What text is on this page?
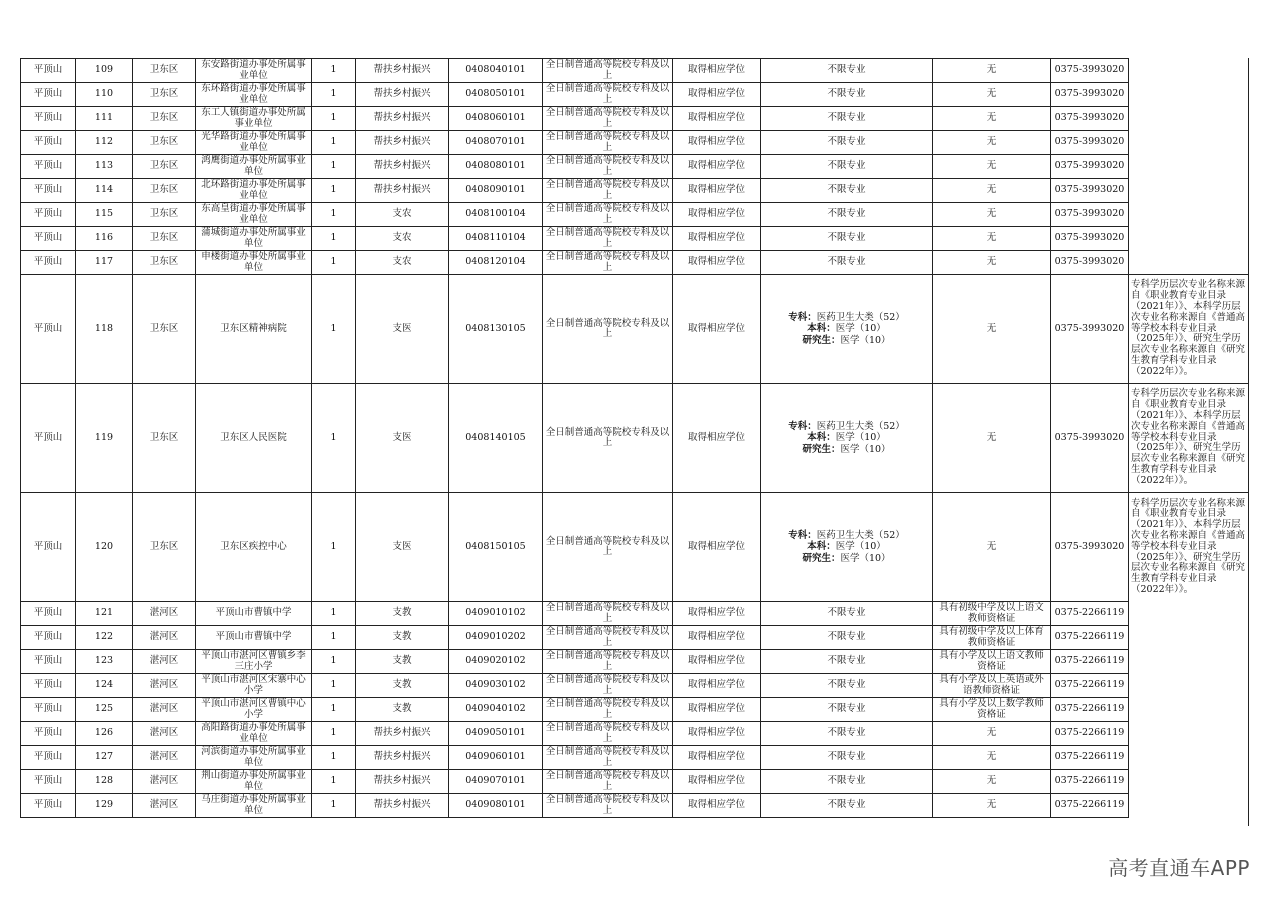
平顶山	109	卫东区	东安路街道办事处所属事业单位	1	帮扶乡村振兴	0408040101	全日制普通高等院校专科及以上	取得相应学位	不限专业	无	0375-3993020	
平顶山	110	卫东区	东环路街道办事处所属事业单位	1	帮扶乡村振兴	0408050101	全日制普通高等院校专科及以上	取得相应学位	不限专业	无	0375-3993020	
平顶山	111	卫东区	东工人镇街道办事处所属事业单位	1	帮扶乡村振兴	0408060101	全日制普通高等院校专科及以上	取得相应学位	不限专业	无	0375-3993020	
平顶山	112	卫东区	光华路街道办事处所属事业单位	1	帮扶乡村振兴	0408070101	全日制普通高等院校专科及以上	取得相应学位	不限专业	无	0375-3993020	
平顶山	113	卫东区	鸿鹰街道办事处所属事业单位	1	帮扶乡村振兴	0408080101	全日制普通高等院校专科及以上	取得相应学位	不限专业	无	0375-3993020	
平顶山	114	卫东区	北环路街道办事处所属事业单位	1	帮扶乡村振兴	0408090101	全日制普通高等院校专科及以上	取得相应学位	不限专业	无	0375-3993020	
平顶山	115	卫东区	东高皇街道办事处所属事业单位	1	支农	0408100104	全日制普通高等院校专科及以上	取得相应学位	不限专业	无	0375-3993020	
平顶山	116	卫东区	蒲城街道办事处所属事业单位	1	支农	0408110104	全日制普通高等院校专科及以上	取得相应学位	不限专业	无	0375-3993020	
平顶山	117	卫东区	申楼街道办事处所属事业单位	1	支农	0408120104	全日制普通高等院校专科及以上	取得相应学位	不限专业	无	0375-3993020	
平顶山	118	卫东区	卫东区精神病院	1	支医	0408130105	全日制普通高等院校专科及以上	取得相应学位	专科：医药卫生大类（52）
本科：医学（10）
研究生：医学（10）	无	0375-3993020	专科学历层次专业名称来源自《职业教育专业目录（2021年）》、本科学历层次专业名称来源自《普通高等学校本科专业目录（2025年）》、研究生学历层次专业名称来源自《研究生教育学科专业目录（2022年）》。
平顶山	119	卫东区	卫东区人民医院	1	支医	0408140105	全日制普通高等院校专科及以上	取得相应学位	专科：医药卫生大类（52）
本科：医学（10）
研究生：医学（10）	无	0375-3993020	专科学历层次专业名称来源自《职业教育专业目录（2021年）》、本科学历层次专业名称来源自《普通高等学校本科专业目录（2025年）》、研究生学历层次专业名称来源自《研究生教育学科专业目录（2022年）》。
平顶山	120	卫东区	卫东区疾控中心	1	支医	0408150105	全日制普通高等院校专科及以上	取得相应学位	专科：医药卫生大类（52）
本科：医学（10）
研究生：医学（10）	无	0375-3993020	专科学历层次专业名称来源自《职业教育专业目录（2021年）》、本科学历层次专业名称来源自《普通高等学校本科专业目录（2025年）》、研究生学历层次专业名称来源自《研究生教育学科专业目录（2022年）》。
平顶山	121	湛河区	平顶山市曹镇中学	1	支教	0409010102	全日制普通高等院校专科及以上	取得相应学位	不限专业	具有初级中学及以上语文教师资格证	0375-2266119	
平顶山	122	湛河区	平顶山市曹镇中学	1	支教	0409010202	全日制普通高等院校专科及以上	取得相应学位	不限专业	具有初级中学及以上体育教师资格证	0375-2266119	
平顶山	123	湛河区	平顶山市湛河区曹镇乡李三庄小学	1	支教	0409020102	全日制普通高等院校专科及以上	取得相应学位	不限专业	具有小学及以上语文教师资格证	0375-2266119	
平顶山	124	湛河区	平顶山市湛河区宋寨中心小学	1	支教	0409030102	全日制普通高等院校专科及以上	取得相应学位	不限专业	具有小学及以上英语或外语教师资格证	0375-2266119	
平顶山	125	湛河区	平顶山市湛河区曹镇中心小学	1	支教	0409040102	全日制普通高等院校专科及以上	取得相应学位	不限专业	具有小学及以上数学教师资格证	0375-2266119	
平顶山	126	湛河区	高阳路街道办事处所属事业单位	1	帮扶乡村振兴	0409050101	全日制普通高等院校专科及以上	取得相应学位	不限专业	无	0375-2266119	
平顶山	127	湛河区	河滨街道办事处所属事业单位	1	帮扶乡村振兴	0409060101	全日制普通高等院校专科及以上	取得相应学位	不限专业	无	0375-2266119	
平顶山	128	湛河区	荆山街道办事处所属事业单位	1	帮扶乡村振兴	0409070101	全日制普通高等院校专科及以上	取得相应学位	不限专业	无	0375-2266119	
平顶山	129	湛河区	马庄街道办事处所属事业单位	1	帮扶乡村振兴	0409080101	全日制普通高等院校专科及以上	取得相应学位	不限专业	无	0375-2266119	
高考直通车APP
